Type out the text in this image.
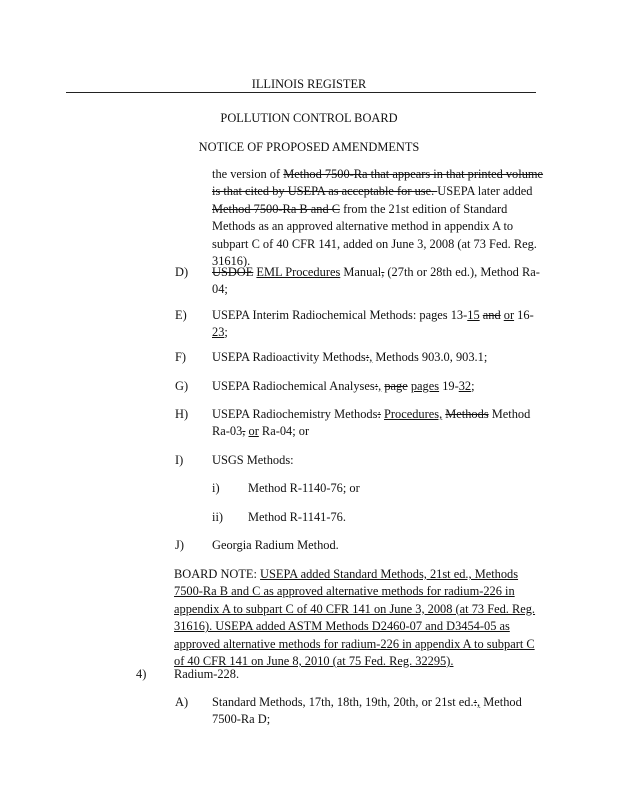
ILLINOIS REGISTER
POLLUTION CONTROL BOARD
NOTICE OF PROPOSED AMENDMENTS
the version of Method 7500-Ra that appears in that printed volume
is that cited by USEPA as acceptable for use. USEPA later added
Method 7500-Ra B and C from the 21st edition of Standard
Methods as an approved alternative method in appendix A to
subpart C of 40 CFR 141, added on June 3, 2008 (at 73 Fed. Reg.
31616).
D) USDOE EML Procedures Manual, (27th or 28th ed.), Method Ra-
04;
E) USEPA Interim Radiochemical Methods: pages 13-15 and or 16-
23;
F) USEPA Radioactivity Methods:, Methods 903.0, 903.1;
G) USEPA Radiochemical Analyses:, page pages 19-32;
H) USEPA Radiochemistry Methods: Procedures, Methods Method
Ra-03, or Ra-04; or
I) USGS Methods:
i) Method R-1140-76; or
ii) Method R-1141-76.
J) Georgia Radium Method.
BOARD NOTE: USEPA added Standard Methods, 21st ed., Methods
7500-Ra B and C as approved alternative methods for radium-226 in
appendix A to subpart C of 40 CFR 141 on June 3, 2008 (at 73 Fed. Reg.
31616). USEPA added ASTM Methods D2460-07 and D3454-05 as
approved alternative methods for radium-226 in appendix A to subpart C
of 40 CFR 141 on June 8, 2010 (at 75 Fed. Reg. 32295).
4) Radium-228.
A) Standard Methods, 17th, 18th, 19th, 20th, or 21st ed.:, Method
7500-Ra D;
